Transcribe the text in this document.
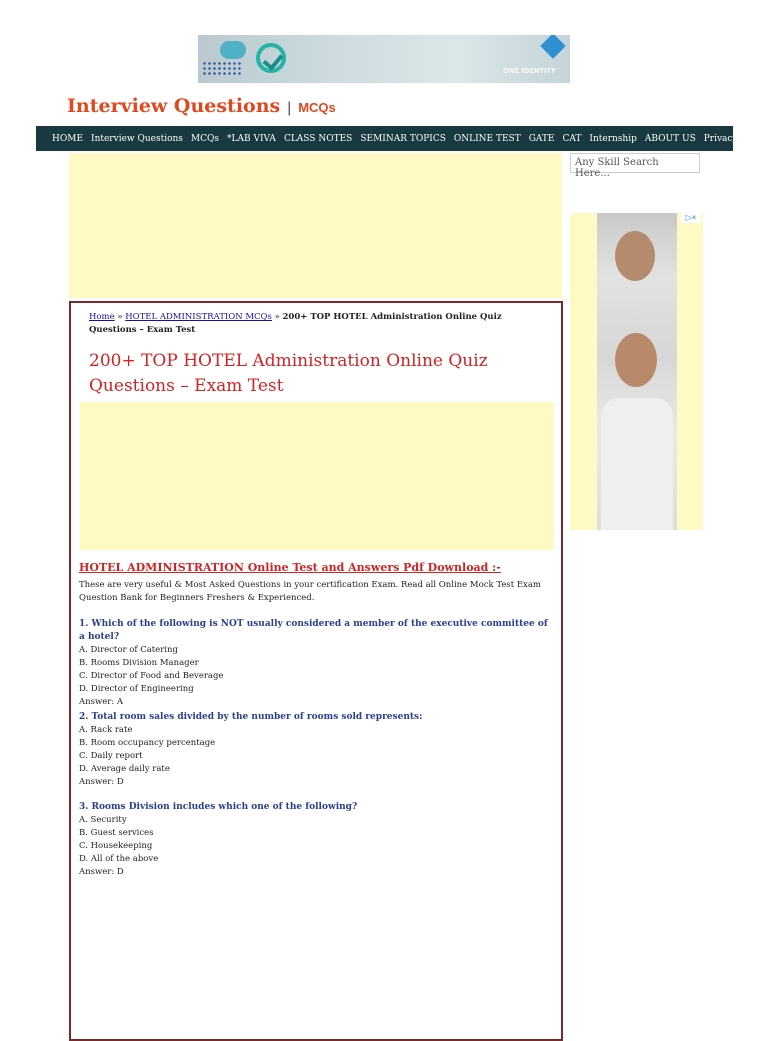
ONE IDENTITY
Interview Questions | MCQs
HOME Interview Questions MCQs *LAB VIVA CLASS NOTES SEMINAR TOPICS ONLINE TEST GATE CAT Internship ABOUT US Privacy Policy
Any Skill Search Here...
▷×
Home » HOTEL ADMINISTRATION MCQs » 200+ TOP HOTEL Administration Online Quiz Questions – Exam Test
200+ TOP HOTEL Administration Online Quiz Questions – Exam Test
HOTEL ADMINISTRATION Online Test and Answers Pdf Download :-
These are very useful & Most Asked Questions in your certification Exam. Read all Online Mock Test Exam Question Bank for Beginners Freshers & Experienced.
1. Which of the following is NOT usually considered a member of the executive committee of a hotel?
A. Director of Catering
B. Rooms Division Manager
C. Director of Food and Beverage
D. Director of Engineering
Answer: A
2. Total room sales divided by the number of rooms sold represents:
A. Rack rate
B. Room occupancy percentage
C. Daily report
D. Average daily rate
Answer: D
3. Rooms Division includes which one of the following?
A. Security
B. Guest services
C. Housekeeping
D. All of the above
Answer: D
